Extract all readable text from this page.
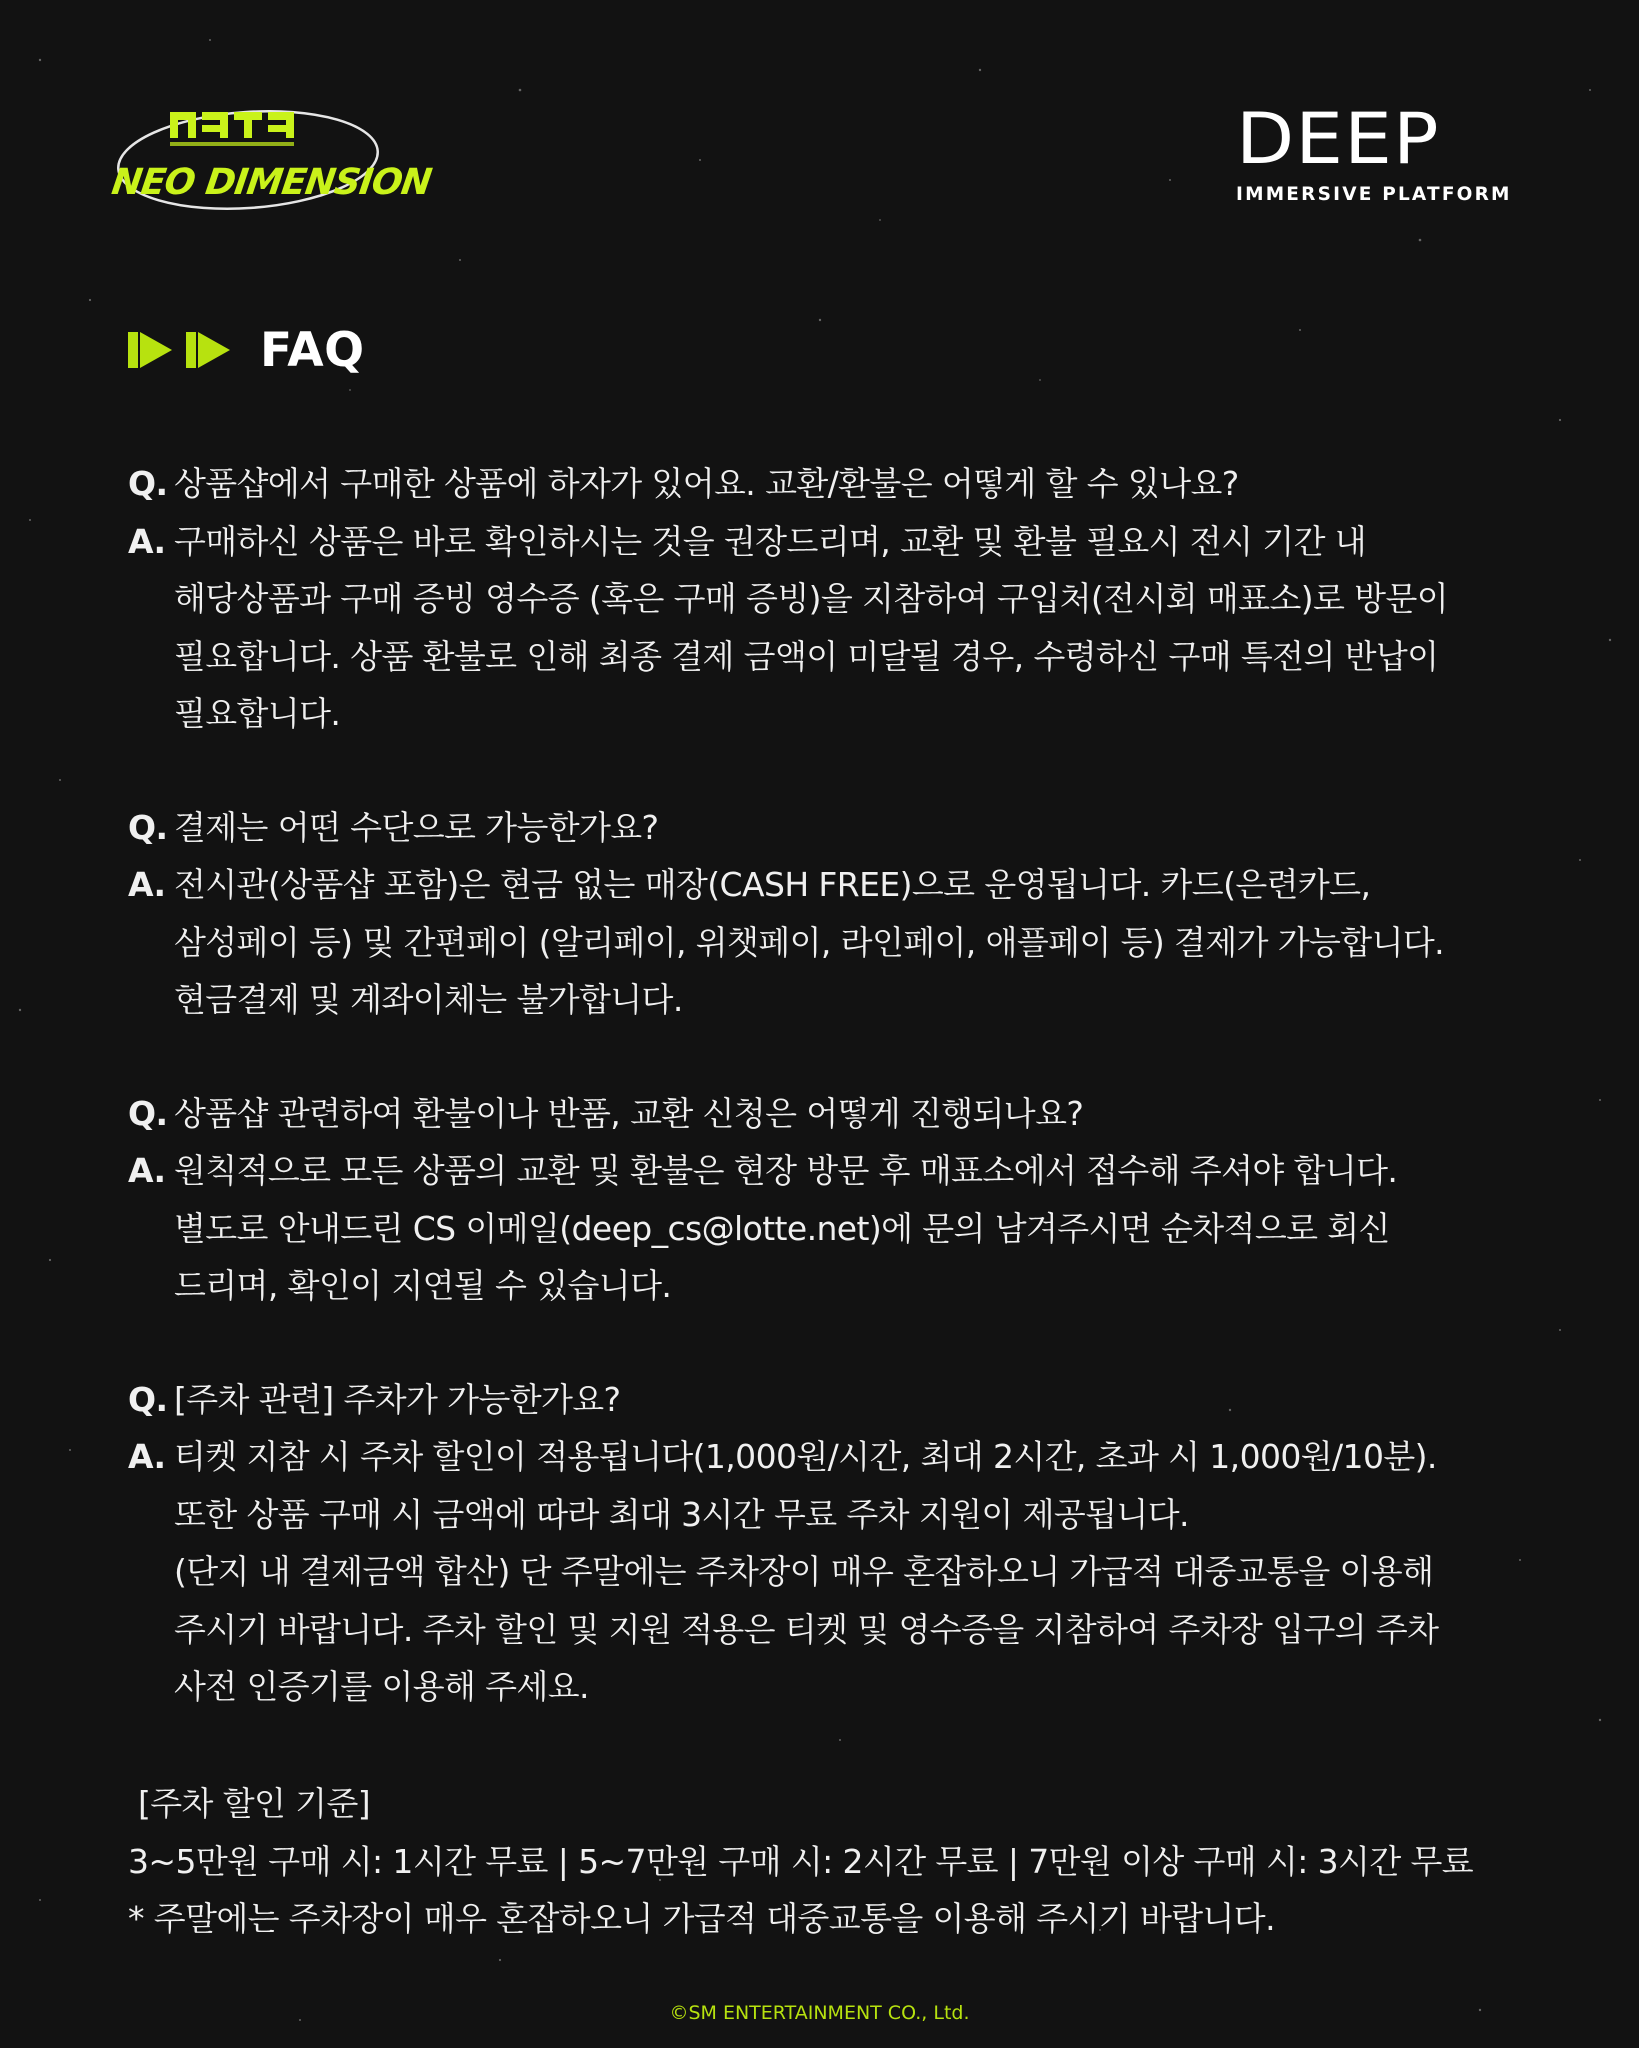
NEO DIMENSION
DEEP
IMMERSIVE PLATFORM
FAQ
Q. 상품샵에서 구매한 상품에 하자가 있어요. 교환/환불은 어떻게 할 수 있나요?
A. 구매하신 상품은 바로 확인하시는 것을 권장드리며, 교환 및 환불 필요시 전시 기간 내
해당상품과 구매 증빙 영수증 (혹은 구매 증빙)을 지참하여 구입처(전시회 매표소)로 방문이
필요합니다. 상품 환불로 인해 최종 결제 금액이 미달될 경우, 수령하신 구매 특전의 반납이
필요합니다.
Q. 결제는 어떤 수단으로 가능한가요?
A. 전시관(상품샵 포함)은 현금 없는 매장(CASH FREE)으로 운영됩니다. 카드(은련카드,
삼성페이 등) 및 간편페이 (알리페이, 위챗페이, 라인페이, 애플페이 등) 결제가 가능합니다.
현금결제 및 계좌이체는 불가합니다.
Q. 상품샵 관련하여 환불이나 반품, 교환 신청은 어떻게 진행되나요?
A. 원칙적으로 모든 상품의 교환 및 환불은 현장 방문 후 매표소에서 접수해 주셔야 합니다.
별도로 안내드린 CS 이메일(deep_cs@lotte.net)에 문의 남겨주시면 순차적으로 회신
드리며, 확인이 지연될 수 있습니다.
Q. [주차 관련] 주차가 가능한가요?
A. 티켓 지참 시 주차 할인이 적용됩니다(1,000원/시간, 최대 2시간, 초과 시 1,000원/10분).
또한 상품 구매 시 금액에 따라 최대 3시간 무료 주차 지원이 제공됩니다.
(단지 내 결제금액 합산) 단 주말에는 주차장이 매우 혼잡하오니 가급적 대중교통을 이용해
주시기 바랍니다. 주차 할인 및 지원 적용은 티켓 및 영수증을 지참하여 주차장 입구의 주차
사전 인증기를 이용해 주세요.
[주차 할인 기준]
3~5만원 구매 시: 1시간 무료 | 5~7만원 구매 시: 2시간 무료 | 7만원 이상 구매 시: 3시간 무료
* 주말에는 주차장이 매우 혼잡하오니 가급적 대중교통을 이용해 주시기 바랍니다.
©SM ENTERTAINMENT CO., Ltd.
